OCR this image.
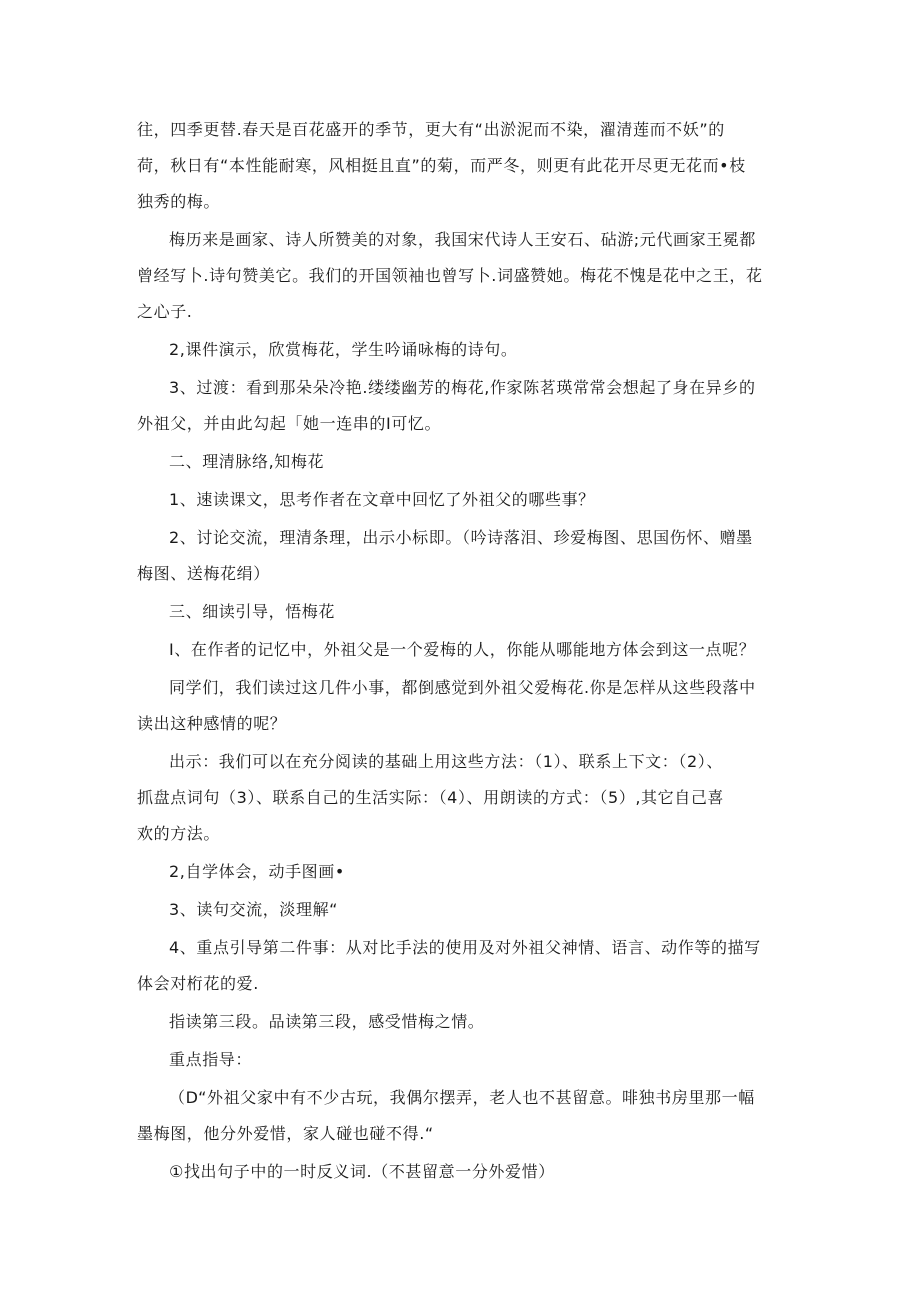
往，四季更替.春天是百花盛开的季节，更大有“出淤泥而不染，濯清莲而不妖”的
荷，秋日有“本性能耐寒，风相挺且直”的菊，而严冬，则更有此花开尽更无花而•枝
独秀的梅。
梅历来是画家、诗人所赞美的对象，我国宋代诗人王安石、砧游;元代画家王冕都
曾经写卜.诗句赞美它。我们的开国领袖也曾写卜.词盛赞她。梅花不愧是花中之王，花
之心子.
2,课件演示，欣赏梅花，学生吟诵咏梅的诗句。
3、过渡：看到那朵朵冷艳.缕缕幽芳的梅花,作家陈茗瑛常常会想起了身在异乡的
外祖父，并由此勾起「她一连串的I可忆。
二、理清脉络,知梅花
1、速读课文，思考作者在文章中回忆了外祖父的哪些事？
2、讨论交流，理清条理，出示小标即。（吟诗落泪、珍爱梅图、思国伤怀、赠墨
梅图、送梅花绢）
三、细读引导，悟梅花
I、在作者的记忆中，外祖父是一个爱梅的人，你能从哪能地方体会到这一点呢？
同学们，我们读过这几件小事，都倒感觉到外祖父爱梅花.你是怎样从这些段落中
读出这种感情的呢？
出示：我们可以在充分阅读的基础上用这些方法：（1）、联系上下文：（2）、
抓盘点词句（3）、联系自己的生活实际：（4）、用朗读的方式：（5）,其它自己喜
欢的方法。
2,自学体会，动手图画•
3、读句交流，淡理解“
4、重点引导第二件事：从对比手法的使用及对外祖父神情、语言、动作等的描写
体会对桁花的爱.
指读第三段。品读第三段，感受惜梅之情。
重点指导：
（D“外祖父家中有不少古玩，我偶尔摆弄，老人也不甚留意。啡独书房里那一幅
墨梅图，他分外爱惜，家人碰也碰不得.“
①找出句子中的一时反义词.（不甚留意一分外爱惜）
